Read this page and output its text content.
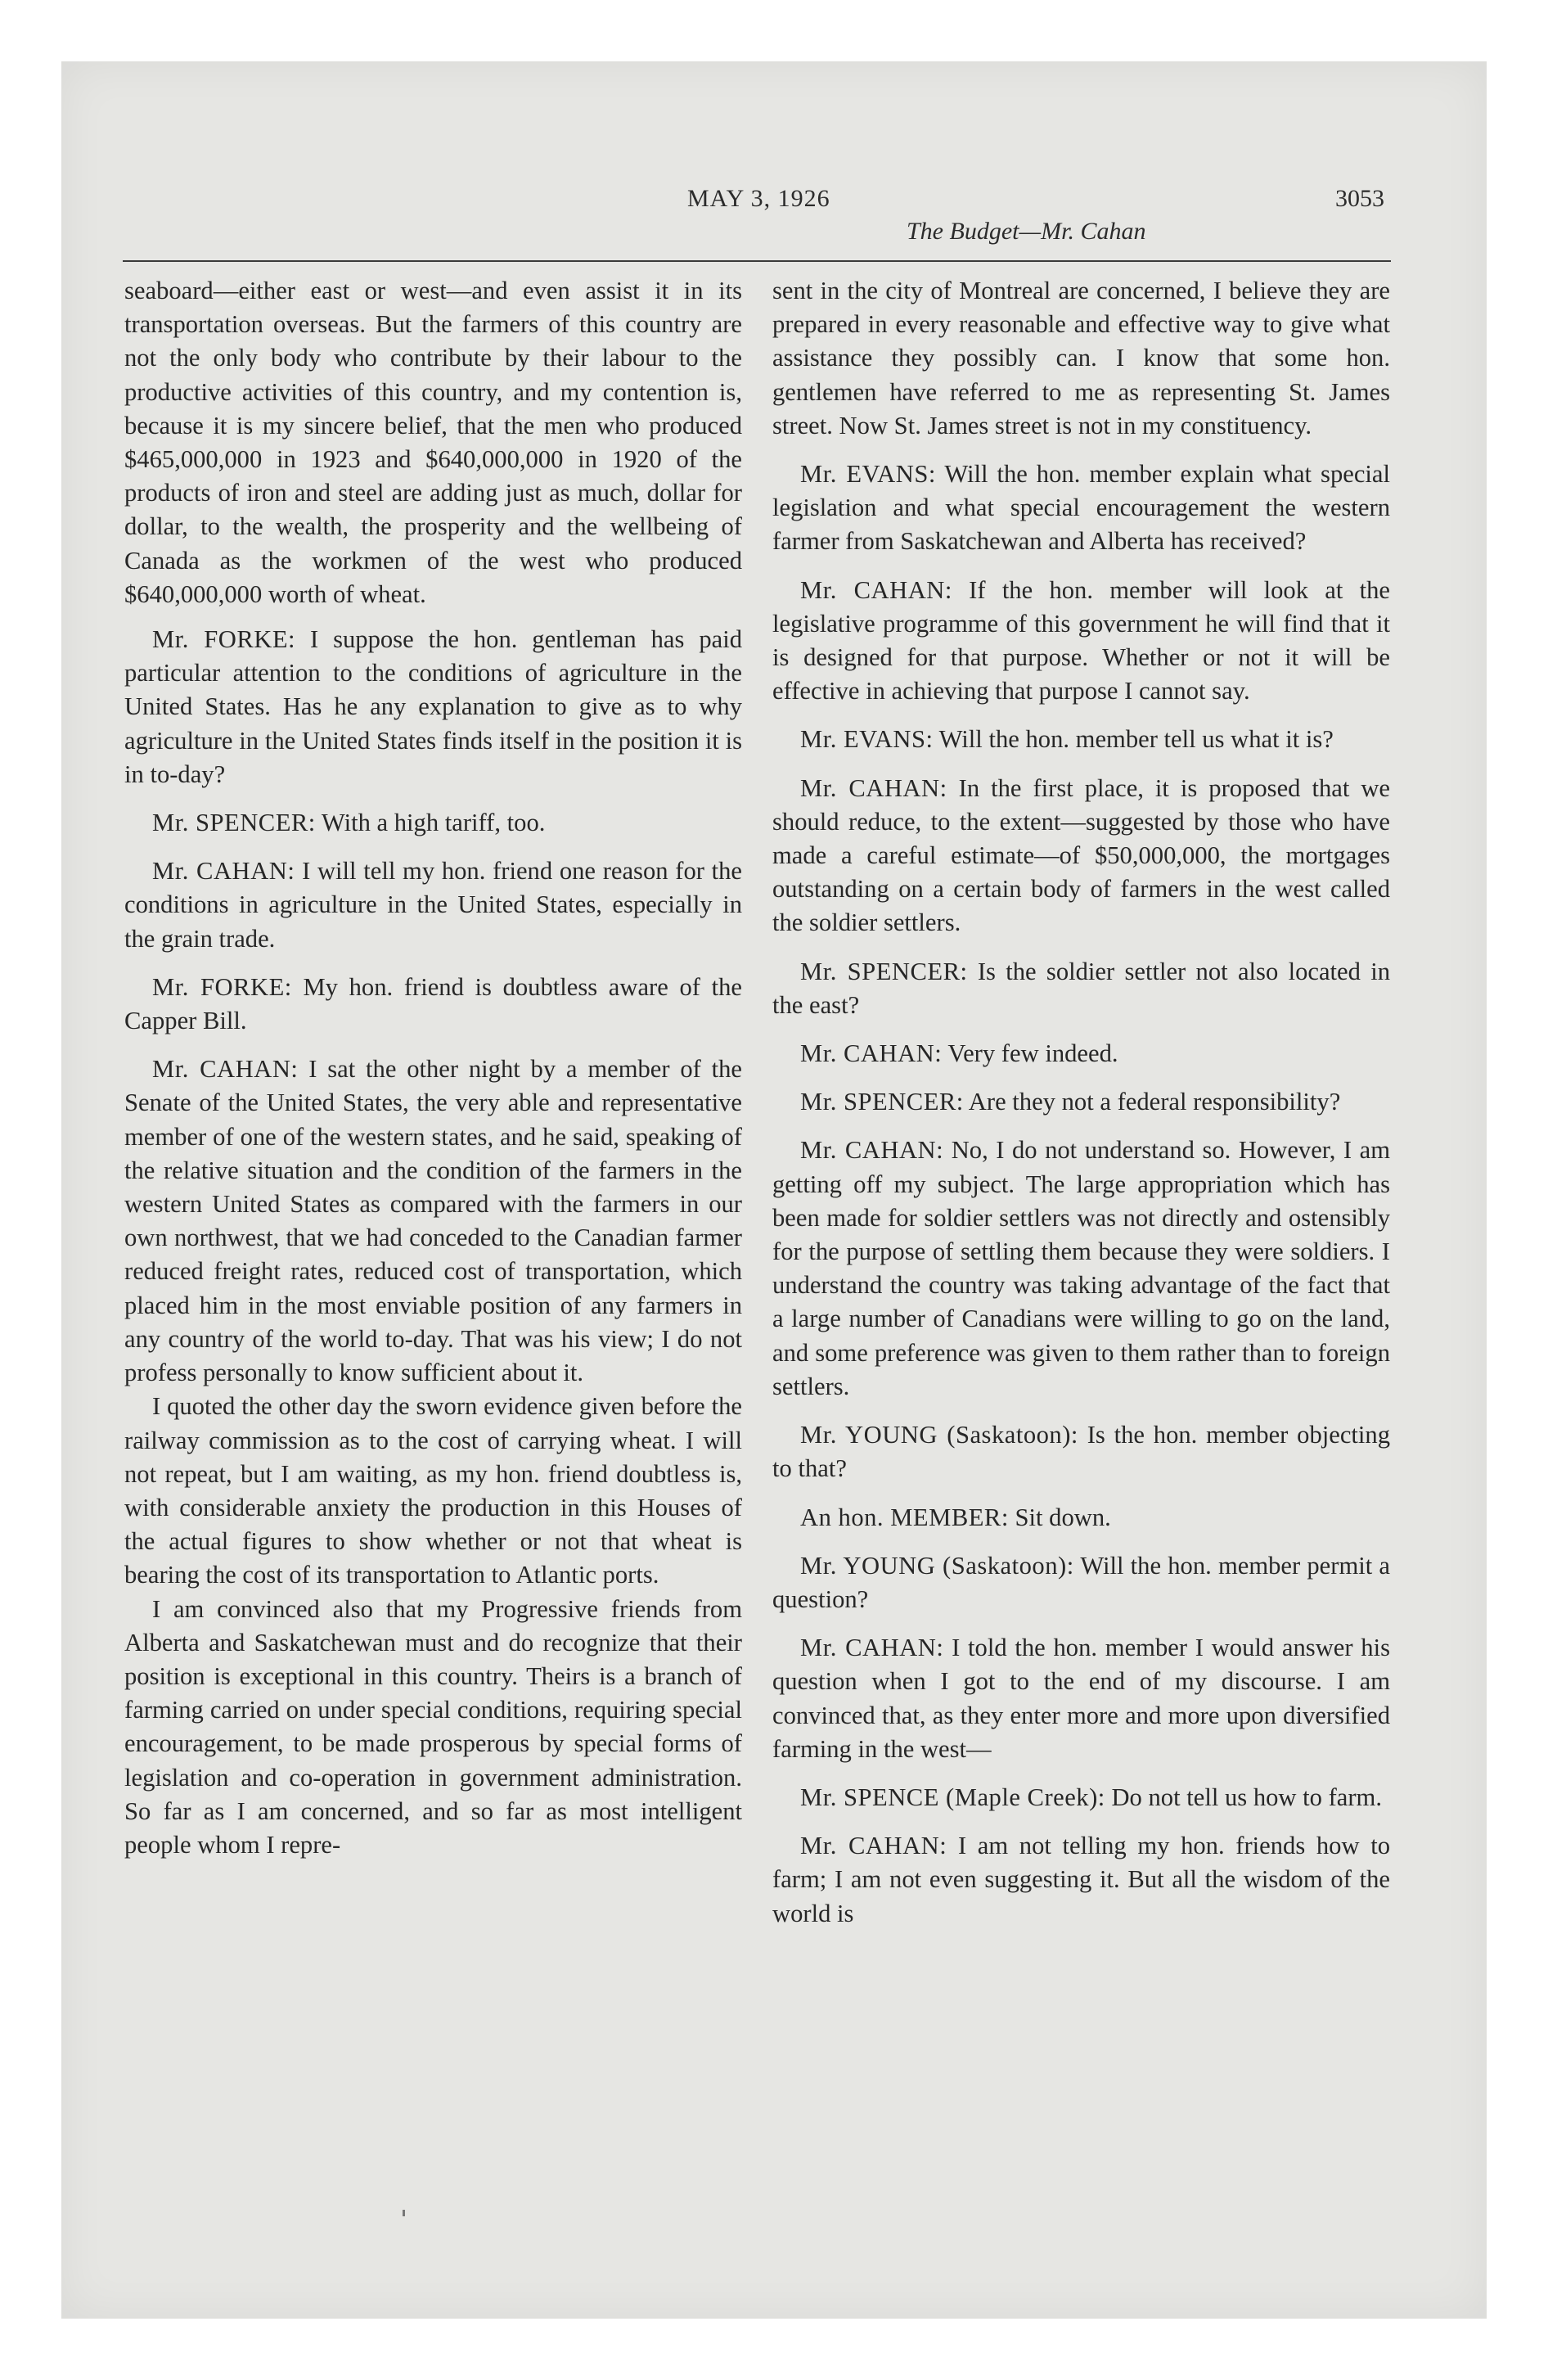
MAY 3, 1926
The Budget—Mr. Cahan
3053

seaboard—either east or west—and even assist it in its transportation overseas. But the farmers of this country are not the only body who contribute by their labour to the productive activities of this country, and my contention is, because it is my sincere belief, that the men who produced $465,000,000 in 1923 and $640,000,000 in 1920 of the products of iron and steel are adding just as much, dollar for dollar, to the wealth, the prosperity and the wellbeing of Canada as the workmen of the west who produced $640,000,000 worth of wheat.

Mr. FORKE: I suppose the hon. gentleman has paid particular attention to the conditions of agriculture in the United States. Has he any explanation to give as to why agriculture in the United States finds itself in the position it is in to-day?

Mr. SPENCER: With a high tariff, too.

Mr. CAHAN: I will tell my hon. friend one reason for the conditions in agriculture in the United States, especially in the grain trade.

Mr. FORKE: My hon. friend is doubtless aware of the Capper Bill.

Mr. CAHAN: I sat the other night by a member of the Senate of the United States, the very able and representative member of one of the western states, and he said, speaking of the relative situation and the condition of the farmers in the western United States as compared with the farmers in our own northwest, that we had conceded to the Canadian farmer reduced freight rates, reduced cost of transportation, which placed him in the most enviable position of any farmers in any country of the world to-day. That was his view; I do not profess personally to know sufficient about it.

I quoted the other day the sworn evidence given before the railway commission as to the cost of carrying wheat. I will not repeat, but I am waiting, as my hon. friend doubtless is, with considerable anxiety the production in this Houses of the actual figures to show whether or not that wheat is bearing the cost of its transportation to Atlantic ports.

I am convinced also that my Progressive friends from Alberta and Saskatchewan must and do recognize that their position is exceptional in this country. Theirs is a branch of farming carried on under special conditions, requiring special encouragement, to be made prosperous by special forms of legislation and co-operation in government administration. So far as I am concerned, and so far as most intelligent people whom I repre-

sent in the city of Montreal are concerned, I believe they are prepared in every reasonable and effective way to give what assistance they possibly can. I know that some hon. gentlemen have referred to me as representing St. James street. Now St. James street is not in my constituency.

Mr. EVANS: Will the hon. member explain what special legislation and what special encouragement the western farmer from Saskatchewan and Alberta has received?

Mr. CAHAN: If the hon. member will look at the legislative programme of this government he will find that it is designed for that purpose. Whether or not it will be effective in achieving that purpose I cannot say.

Mr. EVANS: Will the hon. member tell us what it is?

Mr. CAHAN: In the first place, it is proposed that we should reduce, to the extent—suggested by those who have made a careful estimate—of $50,000,000, the mortgages outstanding on a certain body of farmers in the west called the soldier settlers.

Mr. SPENCER: Is the soldier settler not also located in the east?

Mr. CAHAN: Very few indeed.

Mr. SPENCER: Are they not a federal responsibility?

Mr. CAHAN: No, I do not understand so. However, I am getting off my subject. The large appropriation which has been made for soldier settlers was not directly and ostensibly for the purpose of settling them because they were soldiers. I understand the country was taking advantage of the fact that a large number of Canadians were willing to go on the land, and some preference was given to them rather than to foreign settlers.

Mr. YOUNG (Saskatoon): Is the hon. member objecting to that?

An hon. MEMBER: Sit down.

Mr. YOUNG (Saskatoon): Will the hon. member permit a question?

Mr. CAHAN: I told the hon. member I would answer his question when I got to the end of my discourse. I am convinced that, as they enter more and more upon diversified farming in the west—

Mr. SPENCE (Maple Creek): Do not tell us how to farm.

Mr. CAHAN: I am not telling my hon. friends how to farm; I am not even suggesting it. But all the wisdom of the world is
